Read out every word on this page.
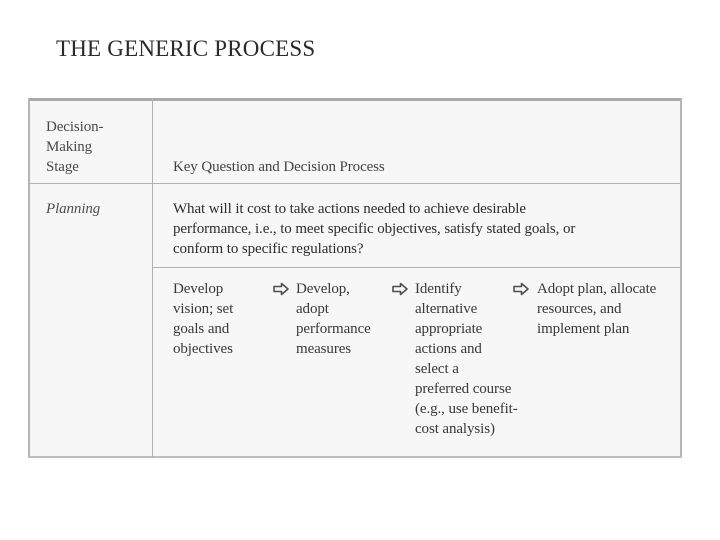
THE GENERIC PROCESS
Decision-
Making
Stage	Key Question and Decision Process
Planning	What will it cost to take actions needed to achieve desirable
performance, i.e., to meet specific objectives, satisfy stated goals, or
conform to specific regulations?
Develop
vision; set
goals and
objectives
Develop,
adopt
performance
measures
Identify
alternative
appropriate
actions and
select a
preferred course
(e.g., use benefit-
cost analysis)
Adopt plan, allocate
resources, and
implement plan
